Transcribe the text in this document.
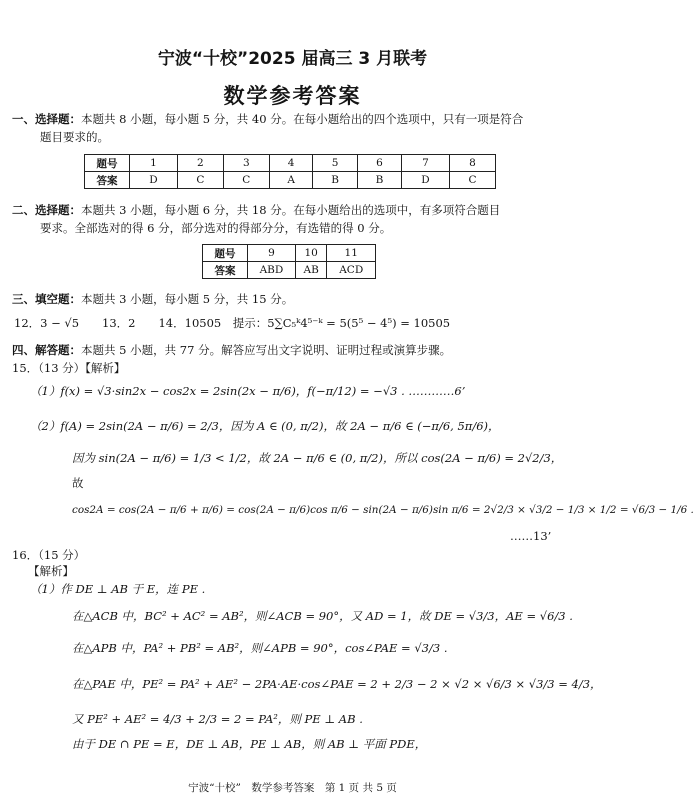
宁波“十校”2025 届高三 3 月联考
数学参考答案
一、选择题：本题共 8 小题，每小题 5 分，共 40 分。在每小题给出的四个选项中，只有一项是符合
题目要求的。
题号	1	2	3	4	5	6	7	8
答案	D	C	C	A	B	B	D	C
二、选择题：本题共 3 小题，每小题 6 分，共 18 分。在每小题给出的选项中，有多项符合题目
要求。全部选对的得 6 分，部分选对的得部分分，有选错的得 0 分。
题号	9	10	11
答案	ABD	AB	ACD
三、填空题：本题共 3 小题，每小题 5 分，共 15 分。
12．3 − √5　　13．2　　14．10505　提示：5∑C₅ᵏ4⁵⁻ᵏ = 5(5⁵ − 4⁵) = 10505
四、解答题：本题共 5 小题，共 77 分。解答应写出文字说明、证明过程或演算步骤。
15．（13 分）【解析】
（1）f(x) = √3·sin2x − cos2x = 2sin(2x − π/6)，f(−π/12) = −√3 . …………6’
（2）f(A) = 2sin(2A − π/6) = 2/3，因为 A ∈ (0, π/2)，故 2A − π/6 ∈ (−π/6, 5π/6)，
因为 sin(2A − π/6) = 1/3 < 1/2，故 2A − π/6 ∈ (0, π/2)，所以 cos(2A − π/6) = 2√2/3，
故
cos2A = cos(2A − π/6 + π/6) = cos(2A − π/6)cos π/6 − sin(2A − π/6)sin π/6 = 2√2/3 × √3/2 − 1/3 × 1/2 = √6/3 − 1/6 .
……13’
16．（15 分）
【解析】
（1）作 DE ⊥ AB 于 E，连 PE .
在△ACB 中，BC² + AC² = AB²，则∠ACB = 90°，又 AD = 1，故 DE = √3/3，AE = √6/3 .
在△APB 中，PA² + PB² = AB²，则∠APB = 90°，cos∠PAE = √3/3 .
在△PAE 中，PE² = PA² + AE² − 2PA·AE·cos∠PAE = 2 + 2/3 − 2 × √2 × √6/3 × √3/3 = 4/3，
又 PE² + AE² = 4/3 + 2/3 = 2 = PA²，则 PE ⊥ AB .
由于 DE ∩ PE = E，DE ⊥ AB，PE ⊥ AB，则 AB ⊥ 平面 PDE，
宁波“十校”　数学参考答案　第 1 页 共 5 页
